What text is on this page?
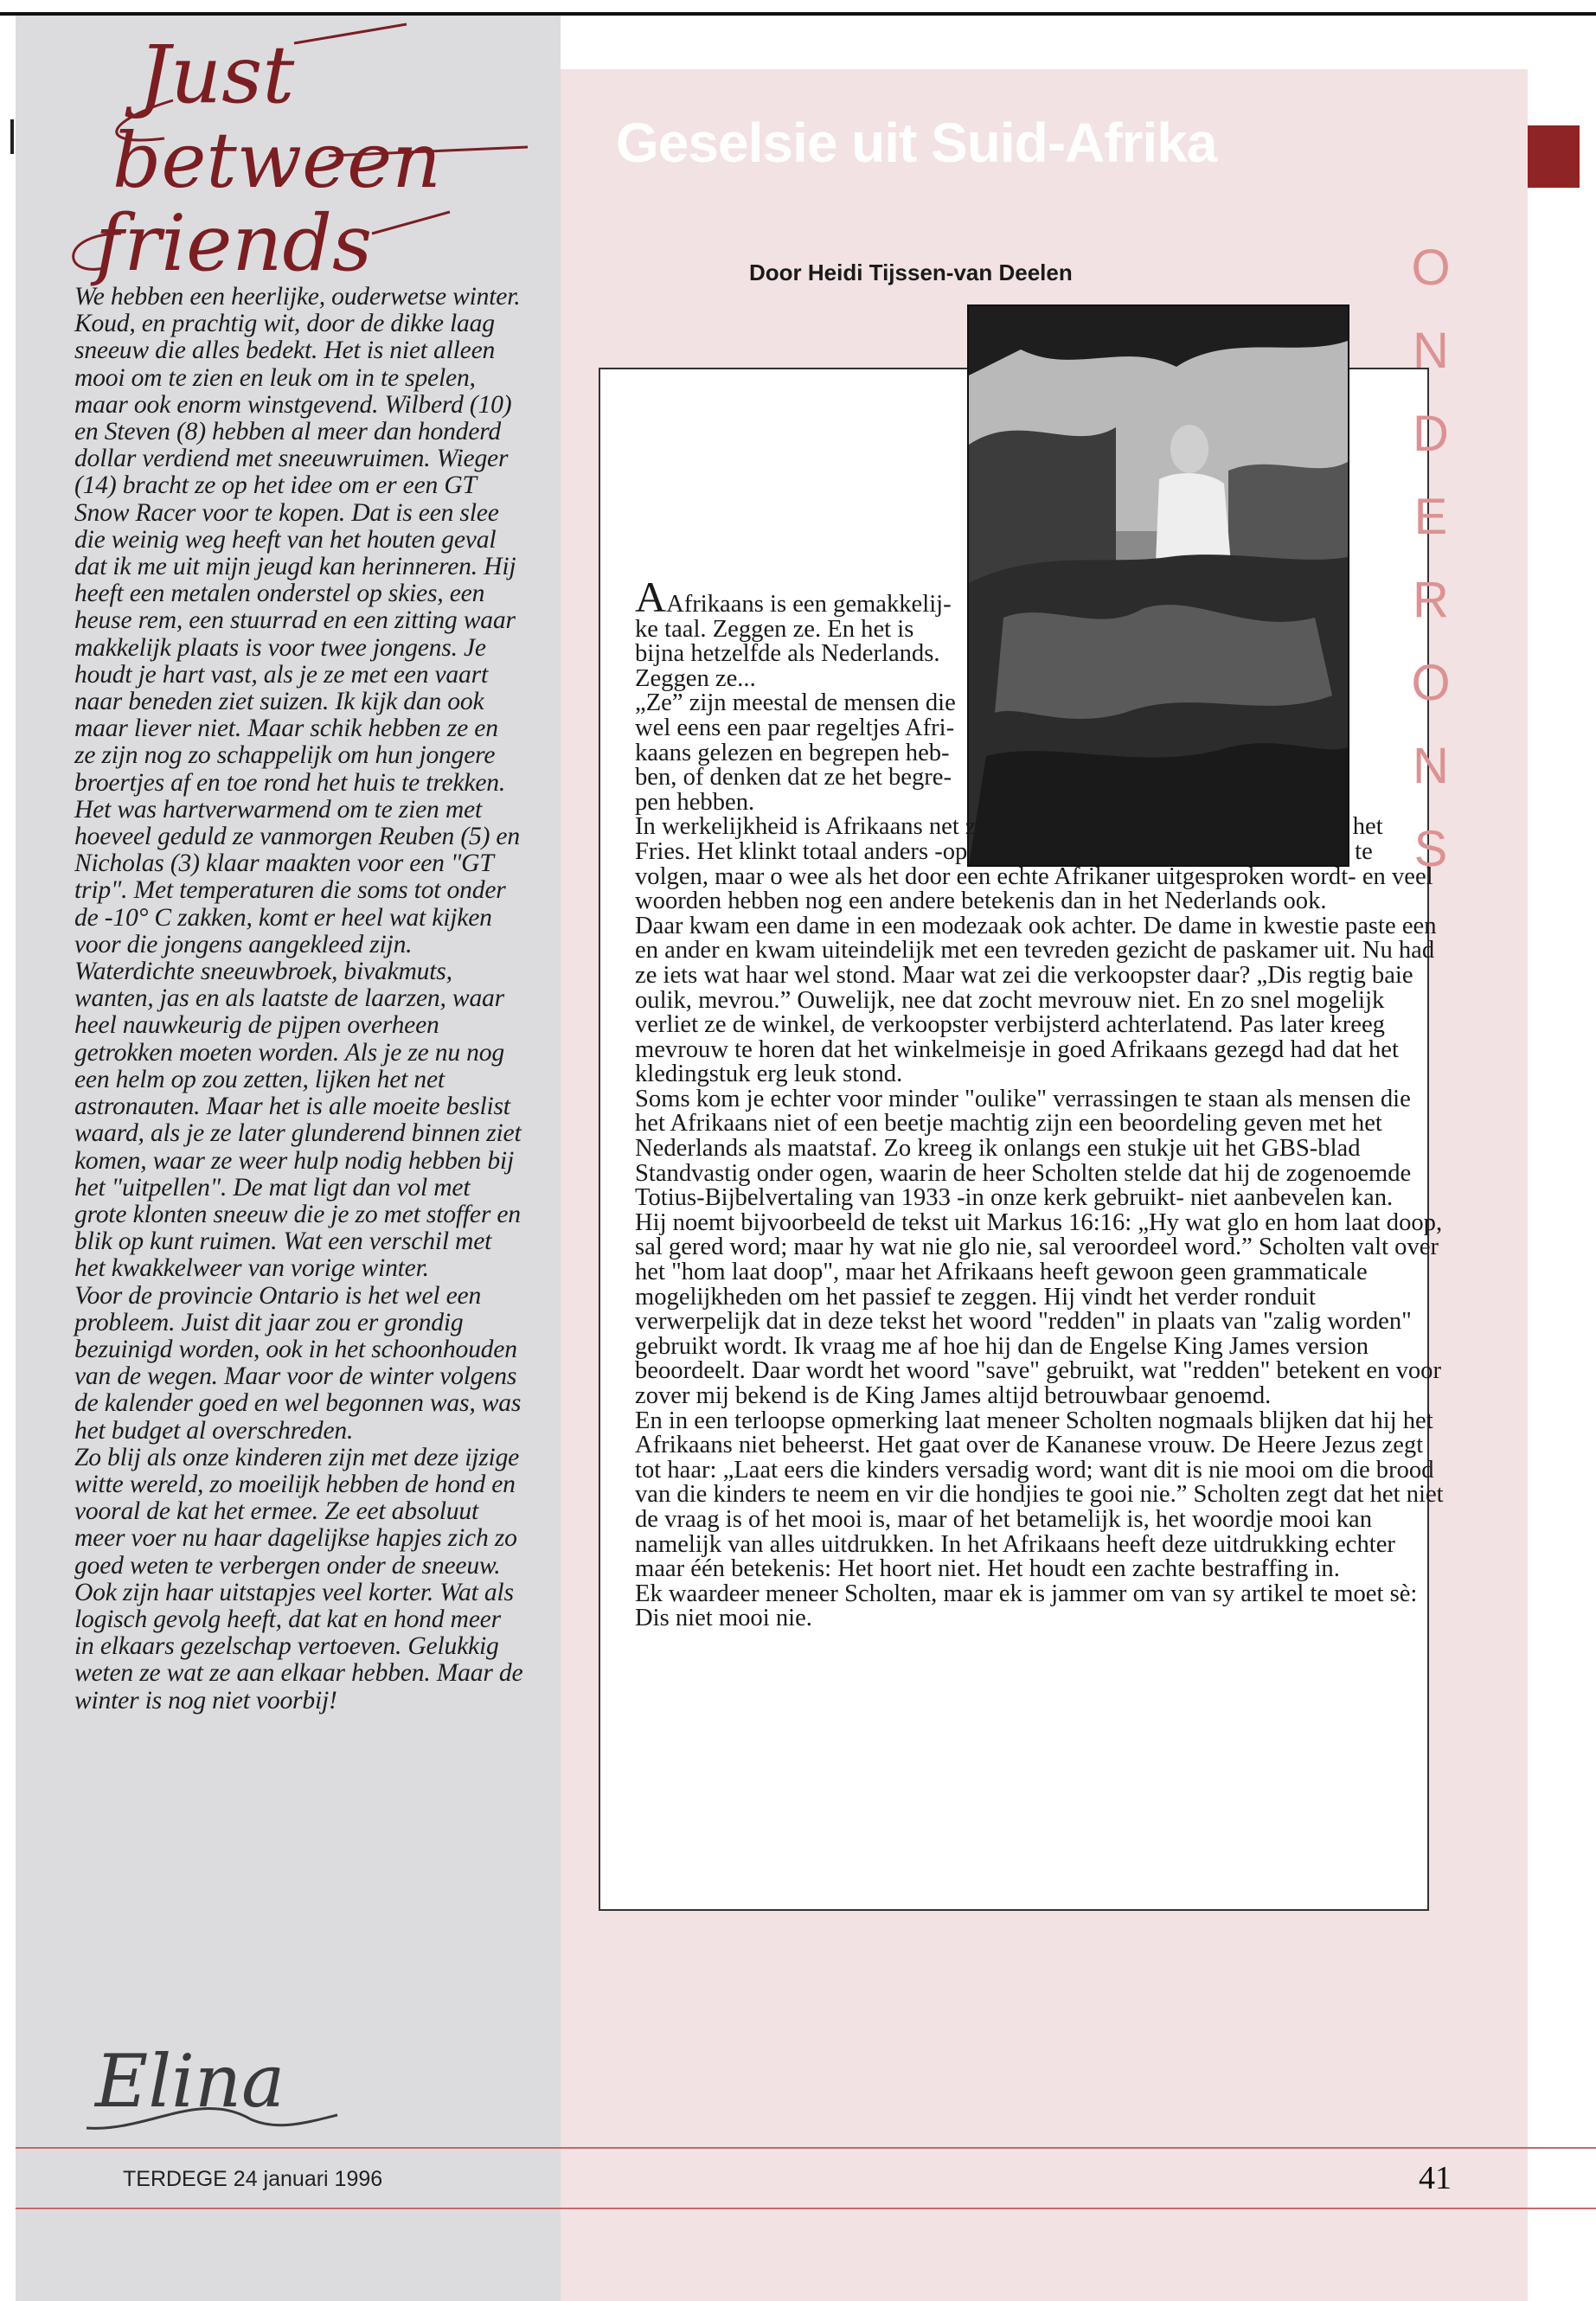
Just
between
friends

We hebben een heerlijke, ouderwetse winter. Koud, en prachtig wit, door de dikke laag sneeuw die alles bedekt. Het is niet alleen mooi om te zien en leuk om in te spelen, maar ook enorm winstgevend. Wilberd (10) en Steven (8) hebben al meer dan honderd dollar verdiend met sneeuwruimen. Wieger (14) bracht ze op het idee om er een GT Snow Racer voor te kopen. Dat is een slee die weinig weg heeft van het houten geval dat ik me uit mijn jeugd kan herinneren. Hij heeft een metalen onderstel op skies, een heuse rem, een stuurrad en een zitting waar makkelijk plaats is voor twee jongens. Je houdt je hart vast, als je ze met een vaart naar beneden ziet suizen. Ik kijk dan ook maar liever niet. Maar schik hebben ze en ze zijn nog zo schappelijk om hun jongere broertjes af en toe rond het huis te trekken.

Het was hartverwarmend om te zien met hoeveel geduld ze vanmorgen Reuben (5) en Nicholas (3) klaar maakten voor een "GT trip". Met temperaturen die soms tot onder de -10° C zakken, komt er heel wat kijken voor die jongens aangekleed zijn. Waterdichte sneeuwbroek, bivakmuts, wanten, jas en als laatste de laarzen, waar heel nauwkeurig de pijpen overheen getrokken moeten worden. Als je ze nu nog een helm op zou zetten, lijken het net astronauten. Maar het is alle moeite beslist waard, als je ze later glunderend binnen ziet komen, waar ze weer hulp nodig hebben bij het "uitpellen". De mat ligt dan vol met grote klonten sneeuw die je zo met stoffer en blik op kunt ruimen. Wat een verschil met het kwakkelweer van vorige winter.

Voor de provincie Ontario is het wel een probleem. Juist dit jaar zou er grondig bezuinigd worden, ook in het schoonhouden van de wegen. Maar voor de winter volgens de kalender goed en wel begonnen was, was het budget al overschreden.

Zo blij als onze kinderen zijn met deze ijzige witte wereld, zo moeilijk hebben de hond en vooral de kat het ermee. Ze eet absoluut meer voer nu haar dagelijkse hapjes zich zo goed weten te verbergen onder de sneeuw. Ook zijn haar uitstapjes veel korter. Wat als logisch gevolg heeft, dat kat en hond meer in elkaars gezelschap vertoeven. Gelukkig weten ze wat ze aan elkaar hebben. Maar de winter is nog niet voorbij!

Elina
Geselsie uit Suid-Afrika
Door Heidi Tijssen-van Deelen	O
N
D
E
R
O
N
S

AAfrikaans is een gemakkelij-

ke taal. Zeggen ze. En het is

bijna hetzelfde als Nederlands.

Zeggen ze...

„Ze” zijn meestal de mensen die

wel eens een paar regeltjes Afri-

kaans gelezen en begrepen heb-

ben, of denken dat ze het begre-

pen hebben.

In werkelijkheid is Afrikaans net zo verschillend van het Nederlands als het Fries. Het klinkt totaal anders -op papier is het voor een nieuweling best te volgen, maar o wee als het door een echte Afrikaner uitgesproken wordt- en veel woorden hebben nog een andere betekenis dan in het Nederlands ook.

Daar kwam een dame in een modezaak ook achter. De dame in kwestie paste een en ander en kwam uiteindelijk met een tevreden gezicht de paskamer uit. Nu had ze iets wat haar wel stond. Maar wat zei die verkoopster daar? „Dis regtig baie oulik, mevrou.” Ouwelijk, nee dat zocht mevrouw niet. En zo snel mogelijk verliet ze de winkel, de verkoopster verbijsterd achterlatend. Pas later kreeg mevrouw te horen dat het winkelmeisje in goed Afrikaans gezegd had dat het kledingstuk erg leuk stond.

Soms kom je echter voor minder "oulike" verrassingen te staan als mensen die het Afrikaans niet of een beetje machtig zijn een beoordeling geven met het Nederlands als maatstaf. Zo kreeg ik onlangs een stukje uit het GBS-blad Standvastig onder ogen, waarin de heer Scholten stelde dat hij de zogenoemde Totius-Bijbelvertaling van 1933 -in onze kerk gebruikt- niet aanbevelen kan.

Hij noemt bijvoorbeeld de tekst uit Markus 16:16: „Hy wat glo en hom laat doop, sal gered word; maar hy wat nie glo nie, sal veroordeel word.” Scholten valt over het "hom laat doop", maar het Afrikaans heeft gewoon geen grammaticale mogelijkheden om het passief te zeggen. Hij vindt het verder ronduit verwerpelijk dat in deze tekst het woord "redden" in plaats van "zalig worden" gebruikt wordt. Ik vraag me af hoe hij dan de Engelse King James version beoordeelt. Daar wordt het woord "save" gebruikt, wat "redden" betekent en voor zover mij bekend is de King James altijd betrouwbaar genoemd.

En in een terloopse opmerking laat meneer Scholten nogmaals blijken dat hij het Afrikaans niet beheerst. Het gaat over de Kananese vrouw. De Heere Jezus zegt tot haar: „Laat eers die kinders versadig word; want dit is nie mooi om die brood van die kinders te neem en vir die hondjies te gooi nie.” Scholten zegt dat het niet de vraag is of het mooi is, maar of het betamelijk is, het woordje mooi kan namelijk van alles uitdrukken. In het Afrikaans heeft deze uitdrukking echter maar één betekenis: Het hoort niet. Het houdt een zachte bestraffing in.

Ek waardeer meneer Scholten, maar ek is jammer om van sy artikel te moet sè: Dis niet mooi nie.

TERDEGE 24 januari 1996	41
